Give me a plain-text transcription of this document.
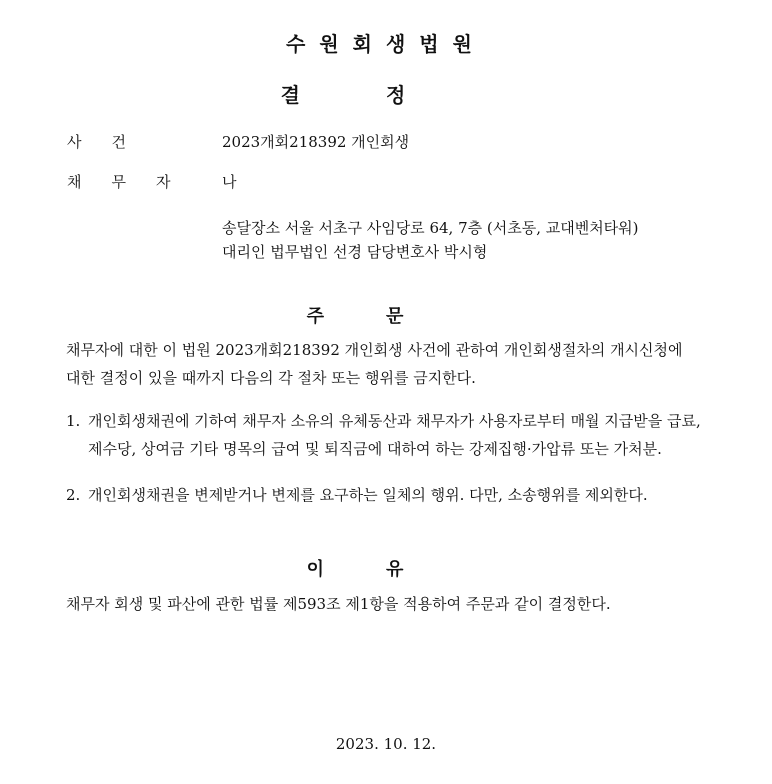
수원회생법원
결정
사건	2023개회218392 개인회생
채무자 나
송달장소 서울 서초구 사임당로 64, 7층 (서초동, 교대벤처타워)
대리인 법무법인 선경 담당변호사 박시형
주문
채무자에 대한 이 법원 2023개회218392 개인회생 사건에 관하여 개인회생절차의 개시신청에 대한 결정이 있을 때까지 다음의 각 절차 또는 행위를 금지한다.
1. 개인회생채권에 기하여 채무자 소유의 유체동산과 채무자가 사용자로부터 매월 지급받을 급료, 제수당, 상여금 기타 명목의 급여 및 퇴직금에 대하여 하는 강제집행·가압류 또는 가처분.
2. 개인회생채권을 변제받거나 변제를 요구하는 일체의 행위. 다만, 소송행위를 제외한다.
이유
채무자 회생 및 파산에 관한 법률 제593조 제1항을 적용하여 주문과 같이 결정한다.
2023. 10. 12.
